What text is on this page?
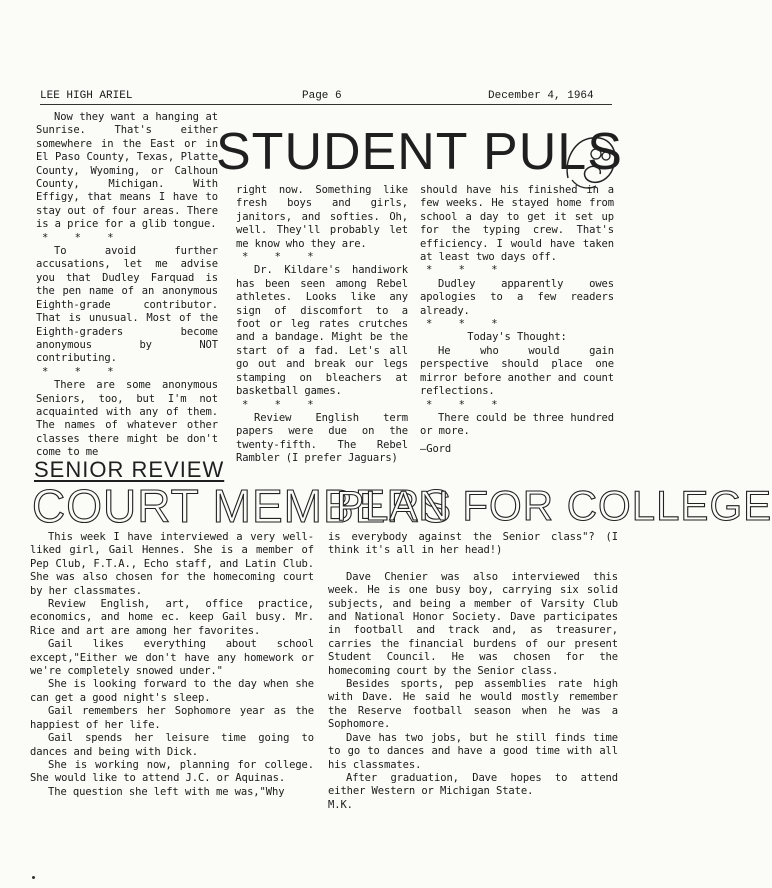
LEE HIGH ARIEL	Page 6	December 4, 1964
STUDENT PULS

Now they want a hanging at Sunrise. That's either somewhere in the East or in El Paso County, Texas, Platte County, Wyoming, or Calhoun County, Michigan. With Effigy, that means I have to stay out of four areas. There is a price for a glib tongue.

* * *

To avoid further accusations, let me advise you that Dudley Farquad is the pen name of an anonymous Eighth-grade contributor. That is unusual. Most of the Eighth-graders become anonymous by NOT contributing.

* * *

There are some anonymous Seniors, too, but I'm not acquainted with any of them. The names of whatever other classes there might be don't come to me

right now. Something like fresh boys and girls, janitors, and softies. Oh, well. They'll probably let me know who they are.

* * *

Dr. Kildare's handiwork has been seen among Rebel athletes. Looks like any sign of discomfort to a foot or leg rates crutches and a bandage. Might be the start of a fad. Let's all go out and break our legs stamping on bleachers at basketball games.

* * *

Review English term papers were due on the twenty-fifth. The Rebel Rambler (I prefer Jaguars)

should have his finished in a few weeks. He stayed home from school a day to get it set up for the typing crew. That's efficiency. I would have taken at least two days off.

* * *

Dudley apparently owes apologies to a few readers already.

* * *

Today's Thought:

He who would gain perspective should place one mirror before another and count reflections.

* * *

There could be three hundred or more.

—Gord

SENIOR REVIEW
COURT MEMBERS
PLAN FOR COLLEGE

This week I have interviewed a very well-liked girl, Gail Hennes. She is a member of Pep Club, F.T.A., Echo staff, and Latin Club. She was also chosen for the homecoming court by her classmates.

Review English, art, office practice, economics, and home ec. keep Gail busy. Mr. Rice and art are among her favorites.

Gail likes everything about school except,"Either we don't have any homework or we're completely snowed under."

She is looking forward to the day when she can get a good night's sleep.

Gail remembers her Sophomore year as the happiest of her life.

Gail spends her leisure time going to dances and being with Dick.

She is working now, planning for college. She would like to attend J.C. or Aquinas.

The question she left with me was,"Why

is everybody against the Senior class"? (I think it's all in her head!)

Dave Chenier was also interviewed this week. He is one busy boy, carrying six solid subjects, and being a member of Varsity Club and National Honor Society. Dave participates in football and track and, as treasurer, carries the financial burdens of our present Student Council. He was chosen for the homecoming court by the Senior class.

Besides sports, pep assemblies rate high with Dave. He said he would mostly remember the Reserve football season when he was a Sophomore.

Dave has two jobs, but he still finds time to go to dances and have a good time with all his classmates.

After graduation, Dave hopes to attend either Western or Michigan State.

M.K.
